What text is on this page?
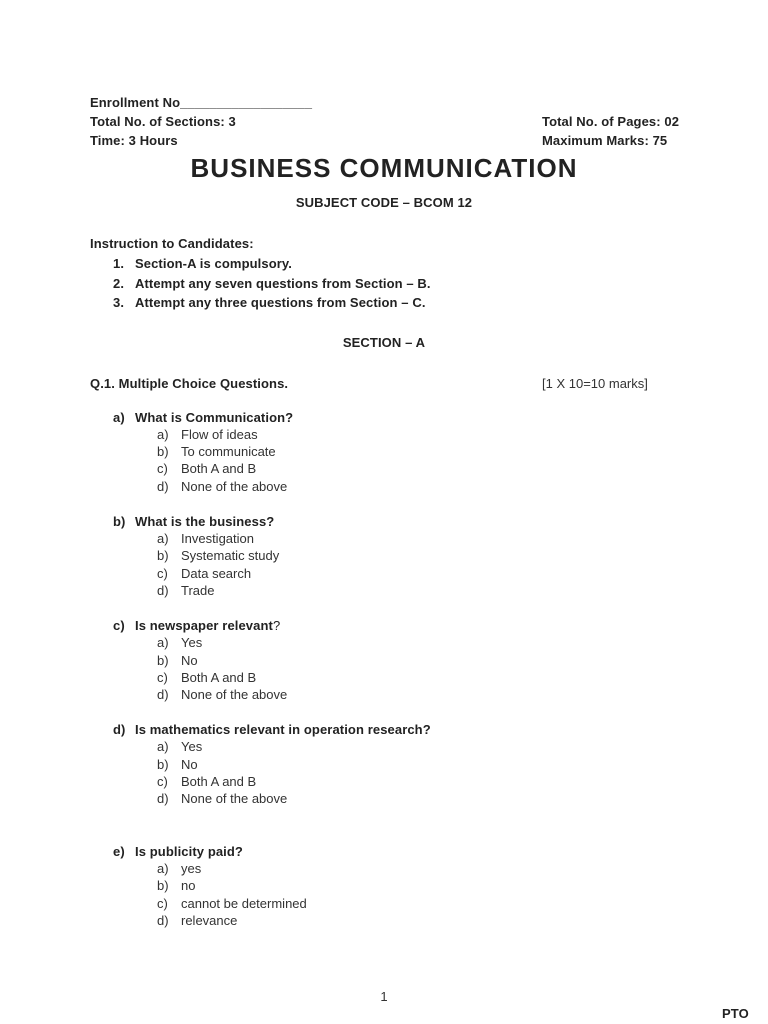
Enrollment No__________________
Total No. of Sections: 3	Total No. of Pages: 02
Time: 3 Hours	Maximum Marks: 75
BUSINESS COMMUNICATION
SUBJECT CODE – BCOM 12
Instruction to Candidates:
1. Section-A is compulsory.
2. Attempt any seven questions from Section – B.
3. Attempt any three questions from Section – C.
SECTION – A
Q.1. Multiple Choice Questions.	[1 X 10=10 marks]
a) What is Communication?
a) Flow of ideas
b) To communicate
c) Both A and B
d) None of the above
b) What is the business?
a) Investigation
b) Systematic study
c) Data search
d) Trade
c) Is newspaper relevant?
a) Yes
b) No
c) Both A and B
d) None of the above
d) Is mathematics relevant in operation research?
a) Yes
b) No
c) Both A and B
d) None of the above
e) Is publicity paid?
a) yes
b) no
c) cannot be determined
d) relevance
1
PTO
